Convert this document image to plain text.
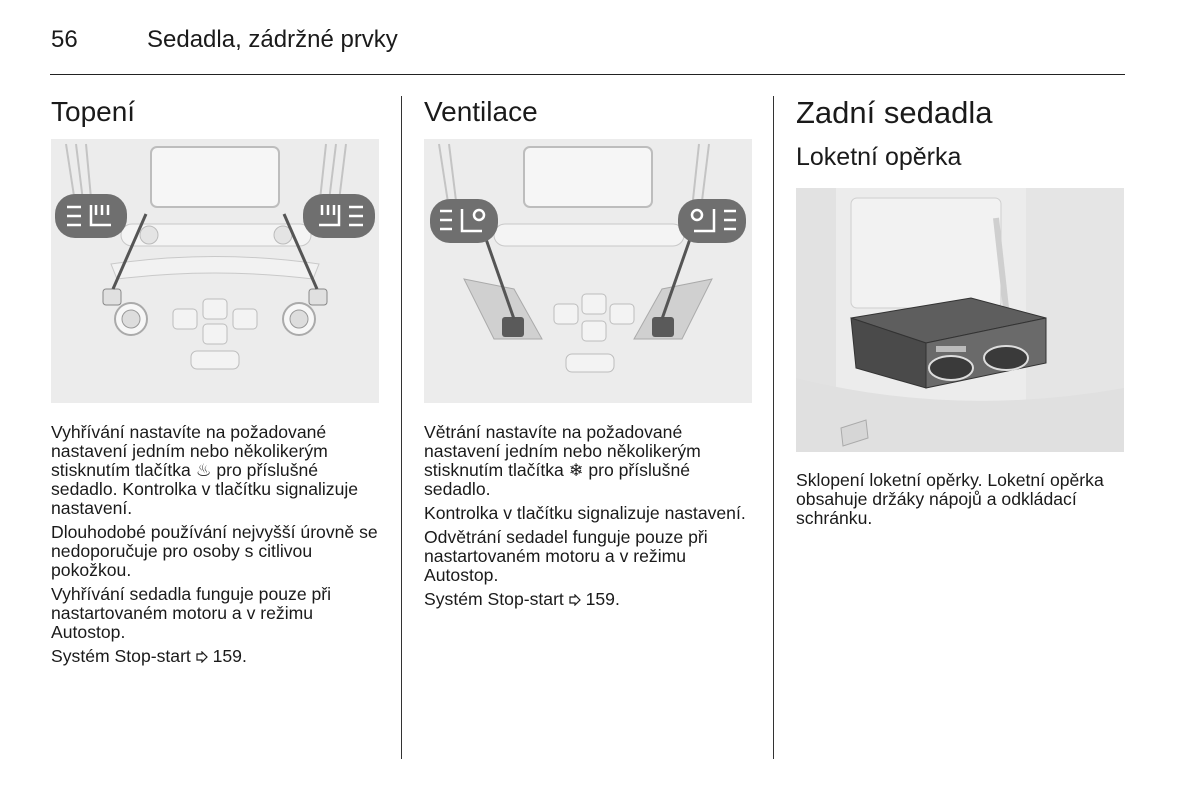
56	Sedadla, zádržné prvky
Topení

Vyhřívání nastavíte na požadované nastavení jedním nebo několikerým stisknutím tlačítka ♨ pro příslušné sedadlo. Kontrolka v tlačítku signalizuje nastavení.

Dlouhodobé používání nejvyšší úrovně se nedoporučuje pro osoby s citlivou pokožkou.

Vyhřívání sedadla funguje pouze při nastartovaném motoru a v režimu Autostop.

Systém Stop-start 159.

Ventilace

Větrání nastavíte na požadované nastavení jedním nebo několikerým stisknutím tlačítka ❄ pro příslušné sedadlo.

Kontrolka v tlačítku signalizuje nastavení.

Odvětrání sedadel funguje pouze při nastartovaném motoru a v režimu Autostop.

Systém Stop-start 159.

Zadní sedadla
Loketní opěrka

Sklopení loketní opěrky. Loketní opěrka obsahuje držáky nápojů a odkládací schránku.
